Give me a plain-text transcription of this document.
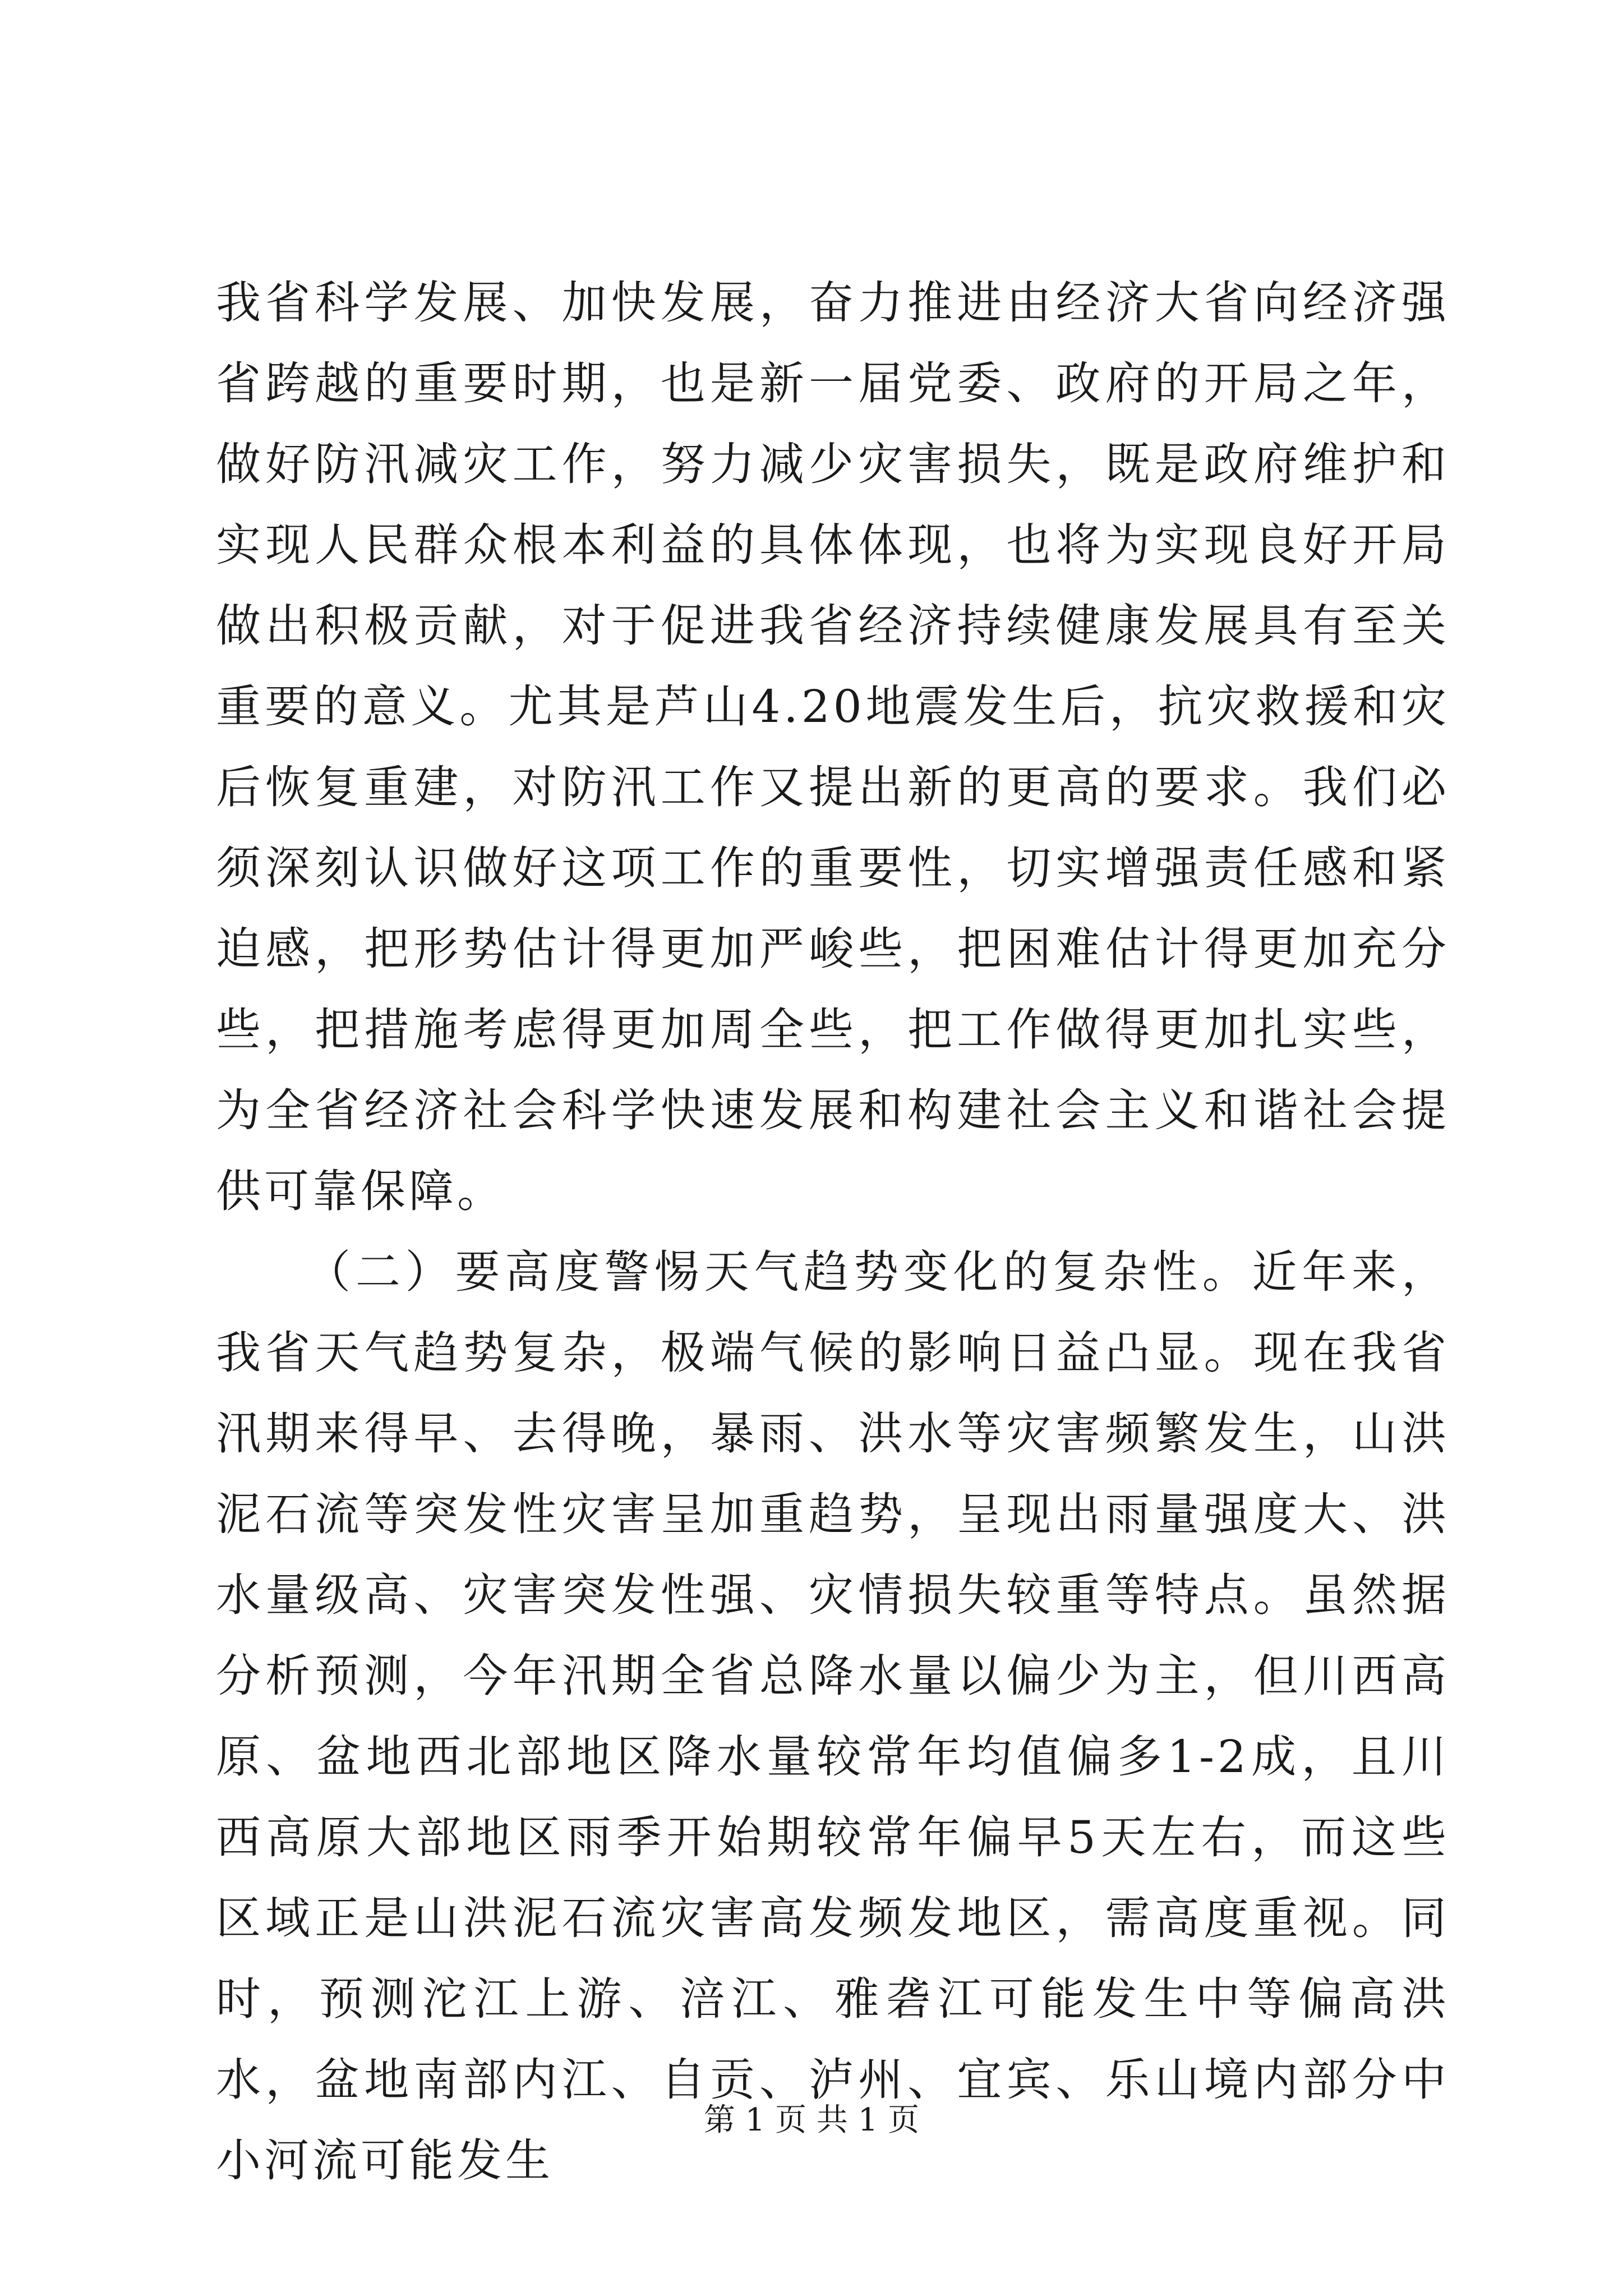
我省科学发展、加快发展，奋力推进由经济大省向经济强省跨越的重要时期，也是新一届党委、政府的开局之年，做好防汛减灾工作，努力减少灾害损失，既是政府维护和实现人民群众根本利益的具体体现，也将为实现良好开局做出积极贡献，对于促进我省经济持续健康发展具有至关重要的意义。尤其是芦山4.20地震发生后，抗灾救援和灾后恢复重建，对防汛工作又提出新的更高的要求。我们必须深刻认识做好这项工作的重要性，切实增强责任感和紧迫感，把形势估计得更加严峻些，把困难估计得更加充分些，把措施考虑得更加周全些，把工作做得更加扎实些，为全省经济社会科学快速发展和构建社会主义和谐社会提供可靠保障。

（二）要高度警惕天气趋势变化的复杂性。近年来，我省天气趋势复杂，极端气候的影响日益凸显。现在我省汛期来得早、去得晚，暴雨、洪水等灾害频繁发生，山洪泥石流等突发性灾害呈加重趋势，呈现出雨量强度大、洪水量级高、灾害突发性强、灾情损失较重等特点。虽然据分析预测，今年汛期全省总降水量以偏少为主，但川西高原、盆地西北部地区降水量较常年均值偏多1-2成，且川西高原大部地区雨季开始期较常年偏早5天左右，而这些区域正是山洪泥石流灾害高发频发地区，需高度重视。同时，预测沱江上游、涪江、雅砻江可能发生中等偏高洪水，盆地南部内江、自贡、泸州、宜宾、乐山境内部分中小河流可能发生

第 1 页 共 1 页
